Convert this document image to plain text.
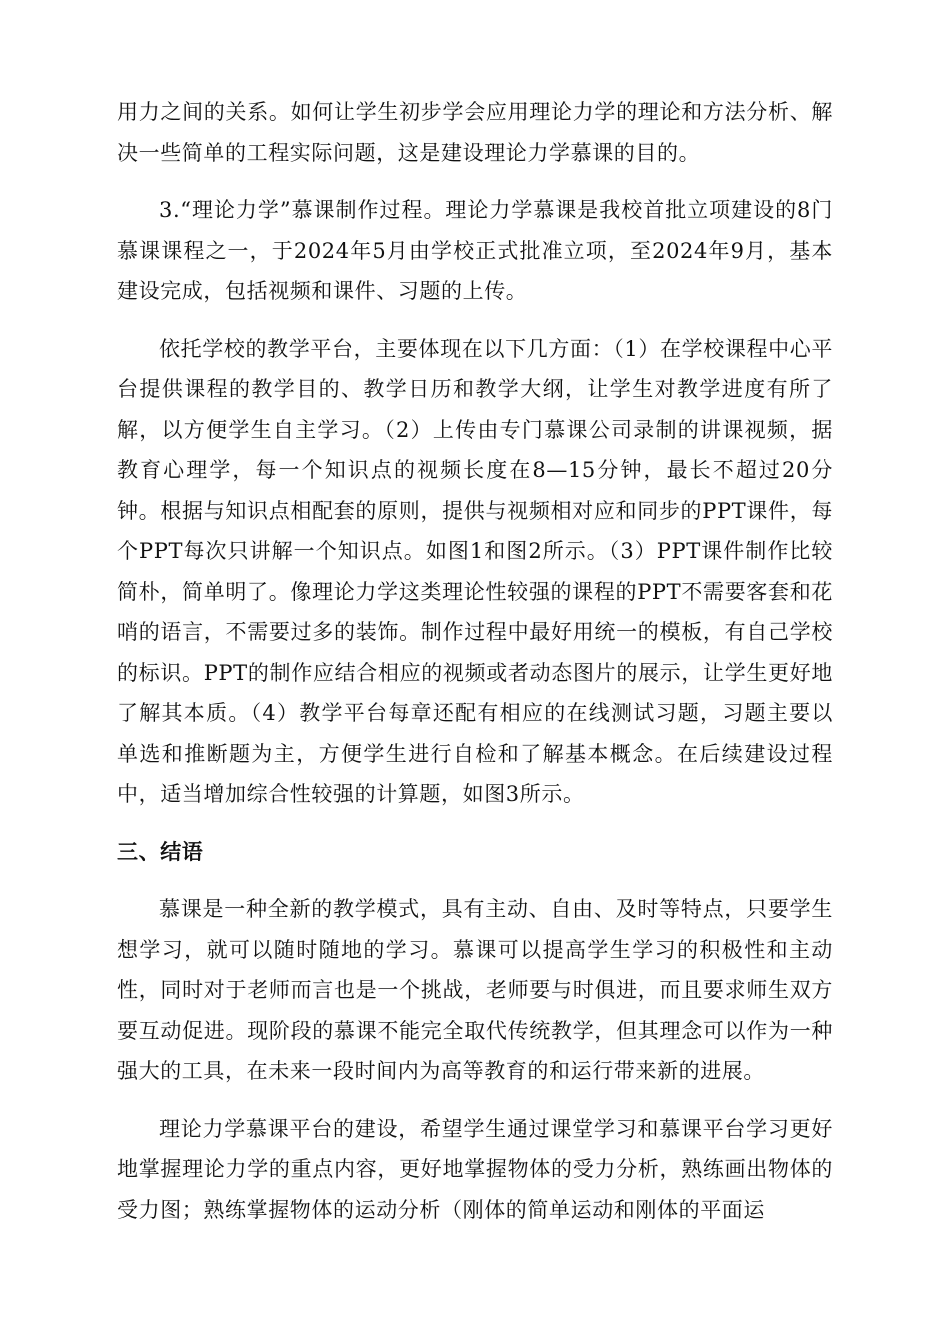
用力之间的关系。如何让学生初步学会应用理论力学的理论和方法分析、解决一些简单的工程实际问题，这是建设理论力学慕课的目的。

3.“理论力学”慕课制作过程。理论力学慕课是我校首批立项建设的8门慕课课程之一，于2024年5月由学校正式批准立项，至2024年9月，基本建设完成，包括视频和课件、习题的上传。

依托学校的教学平台，主要体现在以下几方面：（1）在学校课程中心平台提供课程的教学目的、教学日历和教学大纲，让学生对教学进度有所了解，以方便学生自主学习。（2）上传由专门慕课公司录制的讲课视频，据教育心理学，每一个知识点的视频长度在8—15分钟，最长不超过20分钟。根据与知识点相配套的原则，提供与视频相对应和同步的PPT课件，每个PPT每次只讲解一个知识点。如图1和图2所示。（3）PPT课件制作比较简朴，简单明了。像理论力学这类理论性较强的课程的PPT不需要客套和花哨的语言，不需要过多的装饰。制作过程中最好用统一的模板，有自己学校的标识。PPT的制作应结合相应的视频或者动态图片的展示，让学生更好地了解其本质。（4）教学平台每章还配有相应的在线测试习题，习题主要以单选和推断题为主，方便学生进行自检和了解基本概念。在后续建设过程中，适当增加综合性较强的计算题，如图3所示。

三、结语

慕课是一种全新的教学模式，具有主动、自由、及时等特点，只要学生想学习，就可以随时随地的学习。慕课可以提高学生学习的积极性和主动性，同时对于老师而言也是一个挑战，老师要与时俱进，而且要求师生双方要互动促进。现阶段的慕课不能完全取代传统教学，但其理念可以作为一种强大的工具，在未来一段时间内为高等教育的和运行带来新的进展。

理论力学慕课平台的建设，希望学生通过课堂学习和慕课平台学习更好地掌握理论力学的重点内容，更好地掌握物体的受力分析，熟练画出物体的受力图；熟练掌握物体的运动分析（刚体的简单运动和刚体的平面运
